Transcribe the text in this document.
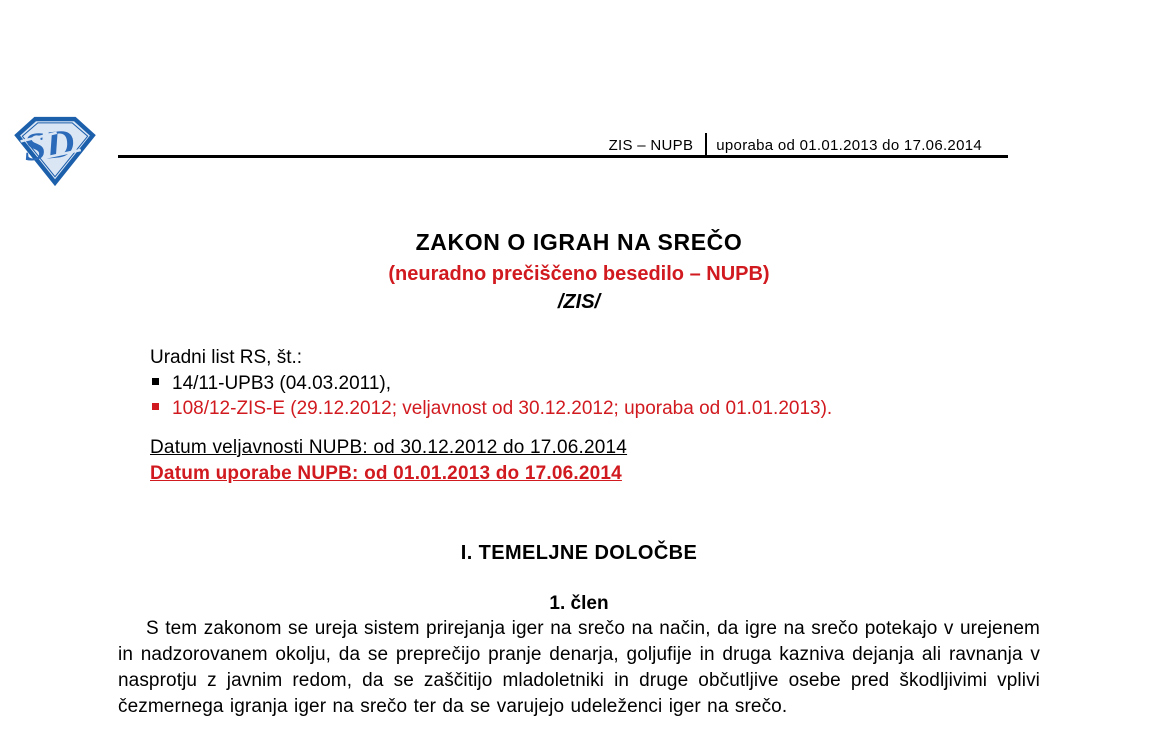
SD	ZIS – NUPB uporaba od 01.01.2013 do 17.06.2014
ZAKON O IGRAH NA SREČO
(neuradno prečiščeno besedilo – NUPB)
/ZIS/
Uradni list RS, št.:
14/11-UPB3 (04.03.2011),
108/12-ZIS-E (29.12.2012; veljavnost od 30.12.2012; uporaba od 01.01.2013).
Datum veljavnosti NUPB: od 30.12.2012 do 17.06.2014
Datum uporabe NUPB: od 01.01.2013 do 17.06.2014
I. TEMELJNE DOLOČBE
1. člen
S tem zakonom se ureja sistem prirejanja iger na srečo na način, da igre na srečo potekajo v urejenem in nadzorovanem okolju, da se preprečijo pranje denarja, goljufije in druga kazniva dejanja ali ravnanja v nasprotju z javnim redom, da se zaščitijo mladoletniki in druge občutljive osebe pred škodljivimi vplivi čezmernega igranja iger na srečo ter da se varujejo udeleženci iger na srečo.
